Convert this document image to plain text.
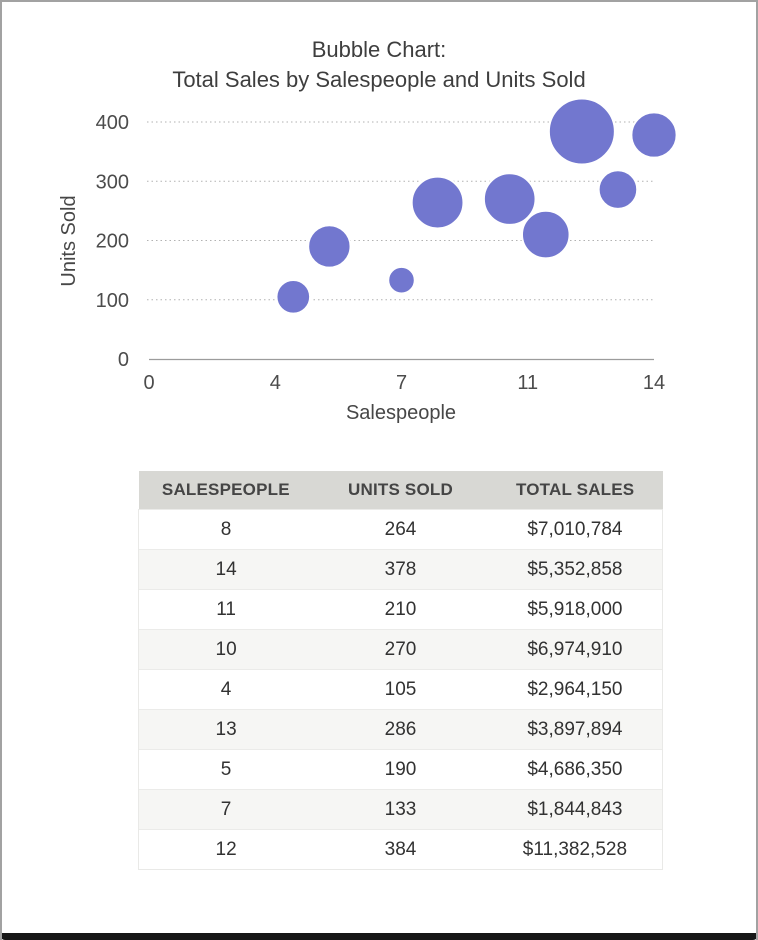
Bubble Chart:
Total Sales by Salespeople and Units Sold
0
100
200
300
400
0	4	7	11	14
Units Sold
Salespeople
SALESPEOPLE	UNITS SOLD	TOTAL SALES
8	264	$7,010,784
14	378	$5,352,858
11	210	$5,918,000
10	270	$6,974,910
4	105	$2,964,150
13	286	$3,897,894
5	190	$4,686,350
7	133	$1,844,843
12	384	$11,382,528
